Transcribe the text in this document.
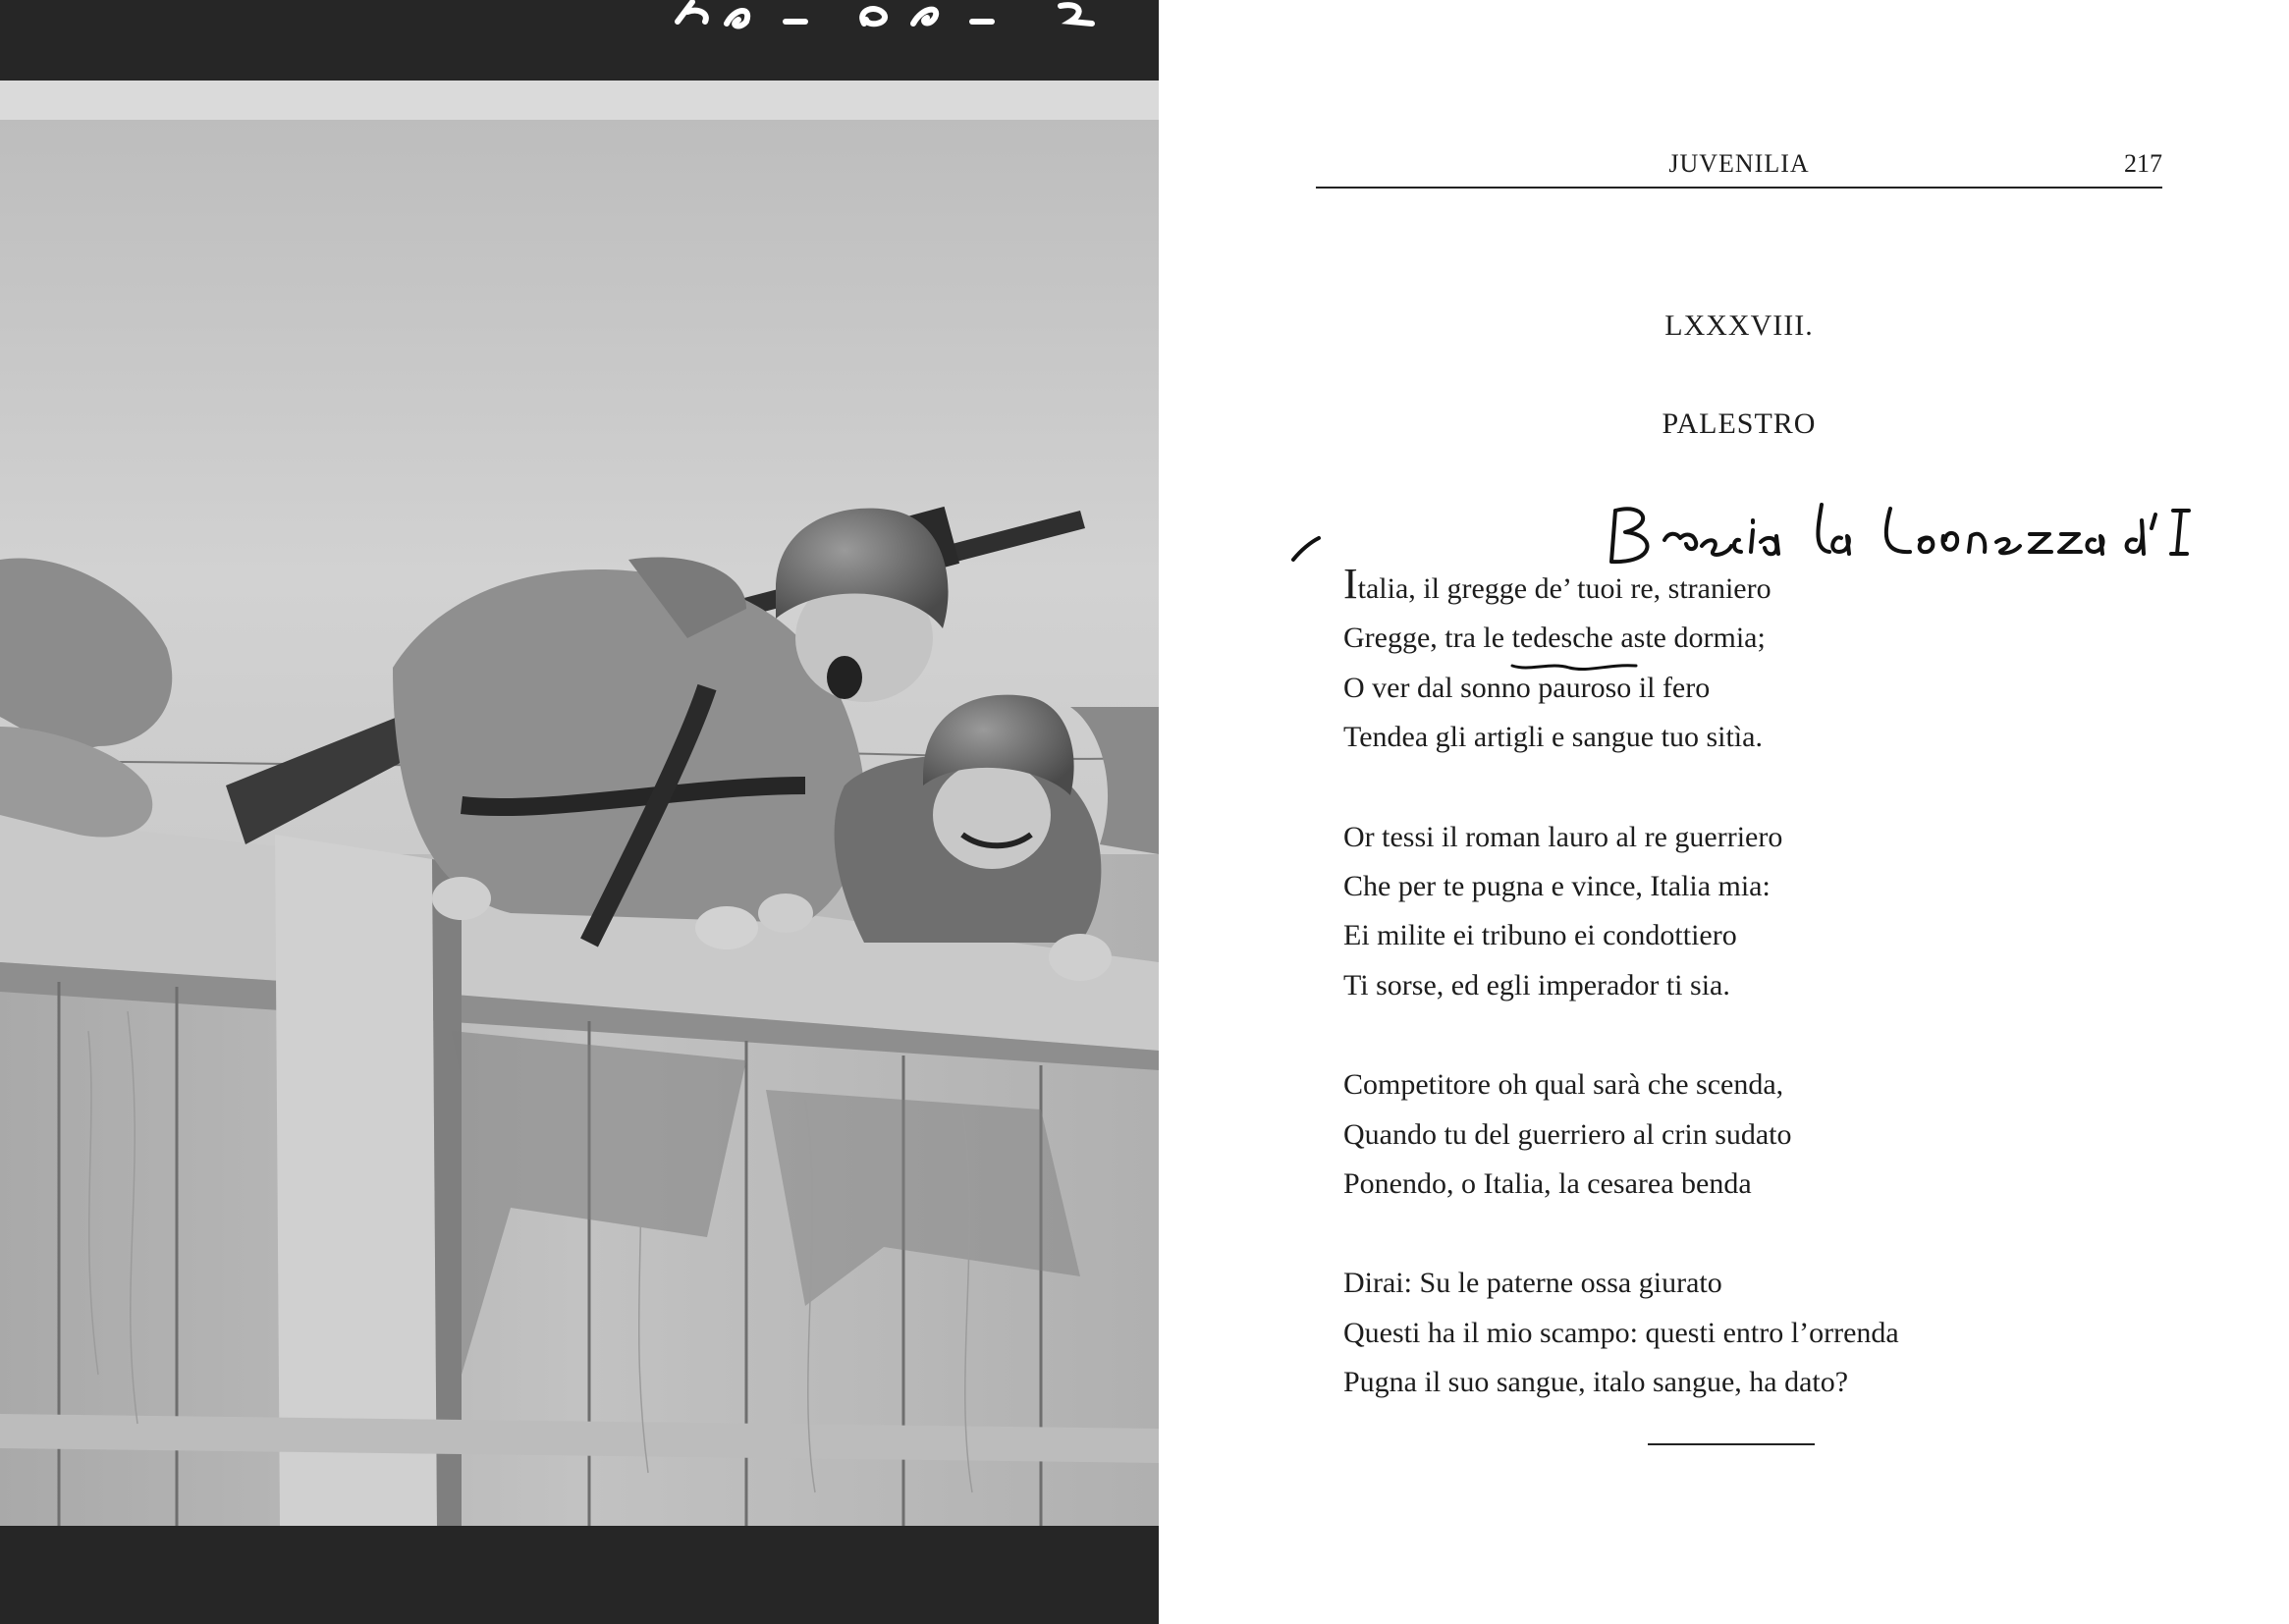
JUVENILIA	217
LXXXVIII.
PALESTRO
Italia, il gregge de’ tuoi re, straniero
Gregge, tra le tedesche
aste dormia;
O ver dal sonno pauroso il fero
Tendea gli artigli e sangue tuo sitìa.
Or tessi il roman lauro al re guerriero
Che per te pugna e vince, Italia mia:
Ei milite ei tribuno ei condottiero
Ti sorse, ed egli imperador ti sia.
Competitore oh qual sarà che scenda,
Quando tu del guerriero al crin sudato
Ponendo, o Italia, la cesarea benda
Dirai: Su le paterne ossa giurato
Questi ha il mio scampo: questi entro l’orrenda
Pugna il suo sangue, italo sangue, ha dato?
